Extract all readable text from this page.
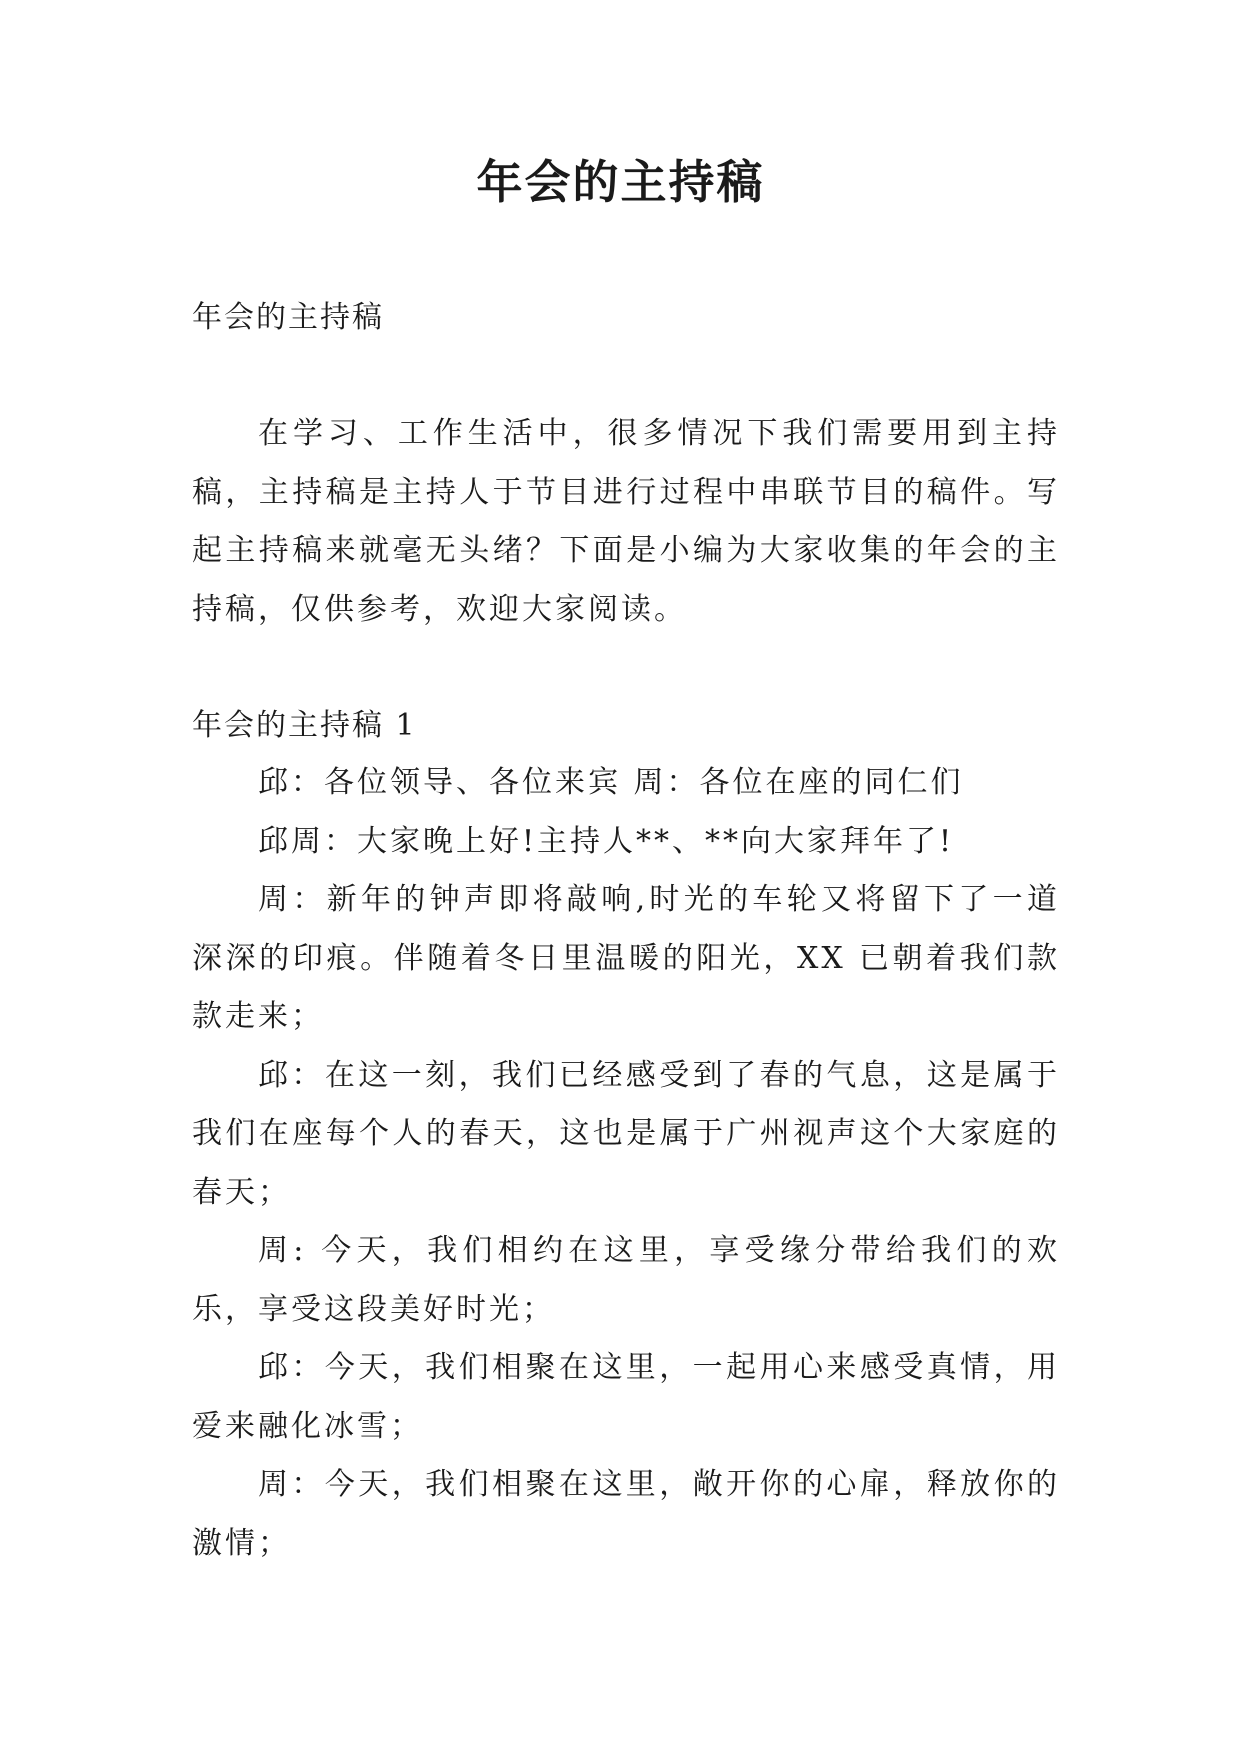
年会的主持稿
年会的主持稿

在学习、工作生活中，很多情况下我们需要用到主持稿，主持稿是主持人于节目进行过程中串联节目的稿件。写起主持稿来就毫无头绪？下面是小编为大家收集的年会的主持稿，仅供参考，欢迎大家阅读。

年会的主持稿 1

邱：各位领导、各位来宾 周：各位在座的同仁们

邱周：大家晚上好!主持人**、**向大家拜年了!

周：新年的钟声即将敲响,时光的车轮又将留下了一道深深的印痕。伴随着冬日里温暖的阳光，XX 已朝着我们款款走来；

邱：在这一刻，我们已经感受到了春的气息，这是属于我们在座每个人的春天，这也是属于广州视声这个大家庭的春天；

周: 今天，我们相约在这里，享受缘分带给我们的欢乐，享受这段美好时光；

邱：今天，我们相聚在这里，一起用心来感受真情，用爱来融化冰雪；

周：今天，我们相聚在这里，敞开你的心扉，释放你的激情；
